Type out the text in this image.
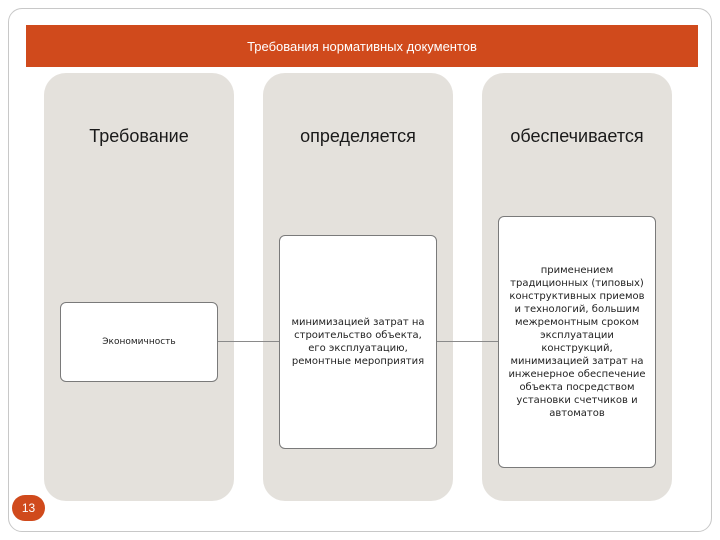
Требования нормативных документов
Требование	определяется	обеспечивается
Экономичность
минимизацией затрат на строительство объекта, его эксплуатацию, ремонтные мероприятия
применением традиционных (типовых) конструктивных приемов и технологий, большим межремонтным сроком эксплуатации конструкций, минимизацией затрат на инженерное обеспечение объекта посредством установки счетчиков и автоматов
13
